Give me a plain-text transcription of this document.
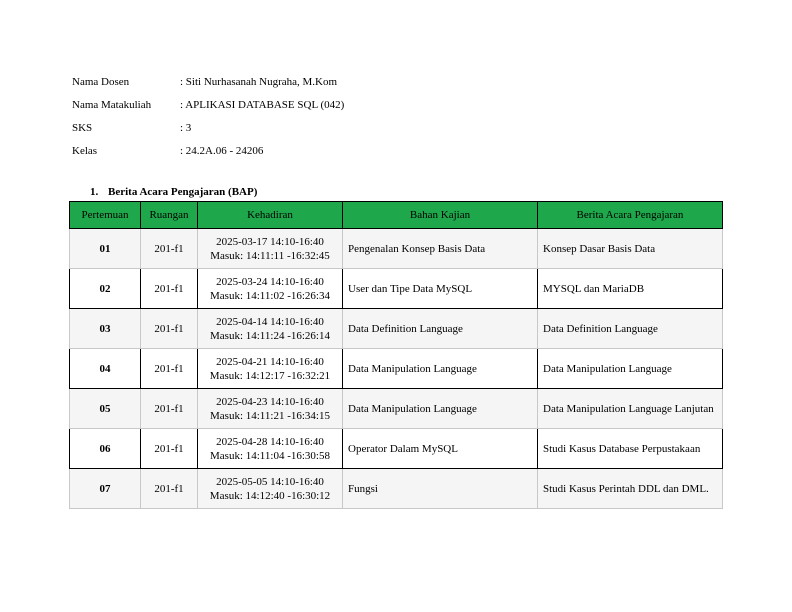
Nama Dosen	: Siti Nurhasanah Nugraha, M.Kom
Nama Matakuliah	: APLIKASI DATABASE SQL (042)
SKS	: 3
Kelas	: 24.2A.06 - 24206
1. Berita Acara Pengajaran (BAP)
Pertemuan	Ruangan	Kehadiran	Bahan Kajian	Berita Acara Pengajaran
01	201-f1	2025-03-17 14:10-16:40
Masuk: 14:11:11 -16:32:45	Pengenalan Konsep Basis Data	Konsep Dasar Basis Data
02	201-f1	2025-03-24 14:10-16:40
Masuk: 14:11:02 -16:26:34	User dan Tipe Data MySQL	MYSQL dan MariaDB
03	201-f1	2025-04-14 14:10-16:40
Masuk: 14:11:24 -16:26:14	Data Definition Language	Data Definition Language
04	201-f1	2025-04-21 14:10-16:40
Masuk: 14:12:17 -16:32:21	Data Manipulation Language	Data Manipulation Language
05	201-f1	2025-04-23 14:10-16:40
Masuk: 14:11:21 -16:34:15	Data Manipulation Language	Data Manipulation Language Lanjutan
06	201-f1	2025-04-28 14:10-16:40
Masuk: 14:11:04 -16:30:58	Operator Dalam MySQL	Studi Kasus Database Perpustakaan
07	201-f1	2025-05-05 14:10-16:40
Masuk: 14:12:40 -16:30:12	Fungsi	Studi Kasus Perintah DDL dan DML.
